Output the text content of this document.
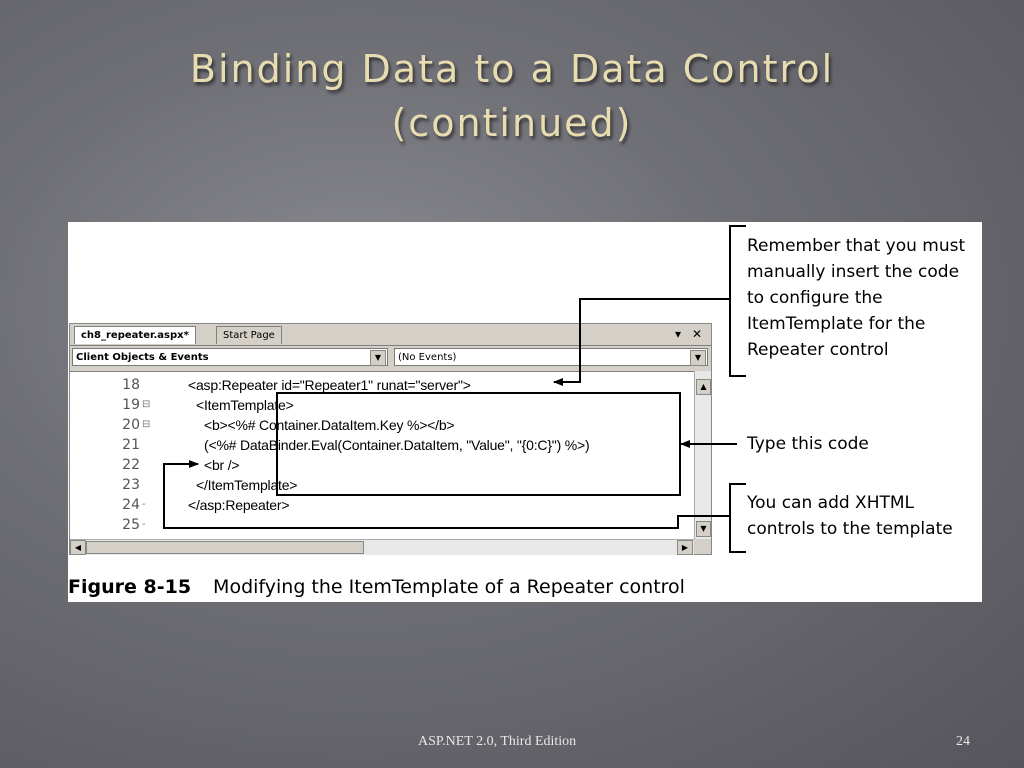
Binding Data to a Data Control
(continued)
ch8_repeater.aspx*	Start Page	▾ ✕
Client Objects & Events	▼	(No Events)	▼
18	<asp:Repeater id="Repeater1" runat="server">
19 ⊟	<ItemTemplate>
20 ⊟	<b><%# Container.DataItem.Key %></b>
21	(<%# DataBinder.Eval(Container.DataItem, "Value", "{0:C}") %>)
22	<br />
23	</ItemTemplate>
24 -	</asp:Repeater>
25 -
▲
▼
◀	▶
Remember that you must
manually insert the code
to configure the
ItemTemplate for the
Repeater control
Type this code
You can add XHTML
controls to the template
Figure 8-15 Modifying the ItemTemplate of a Repeater control
ASP.NET 2.0, Third Edition	24
